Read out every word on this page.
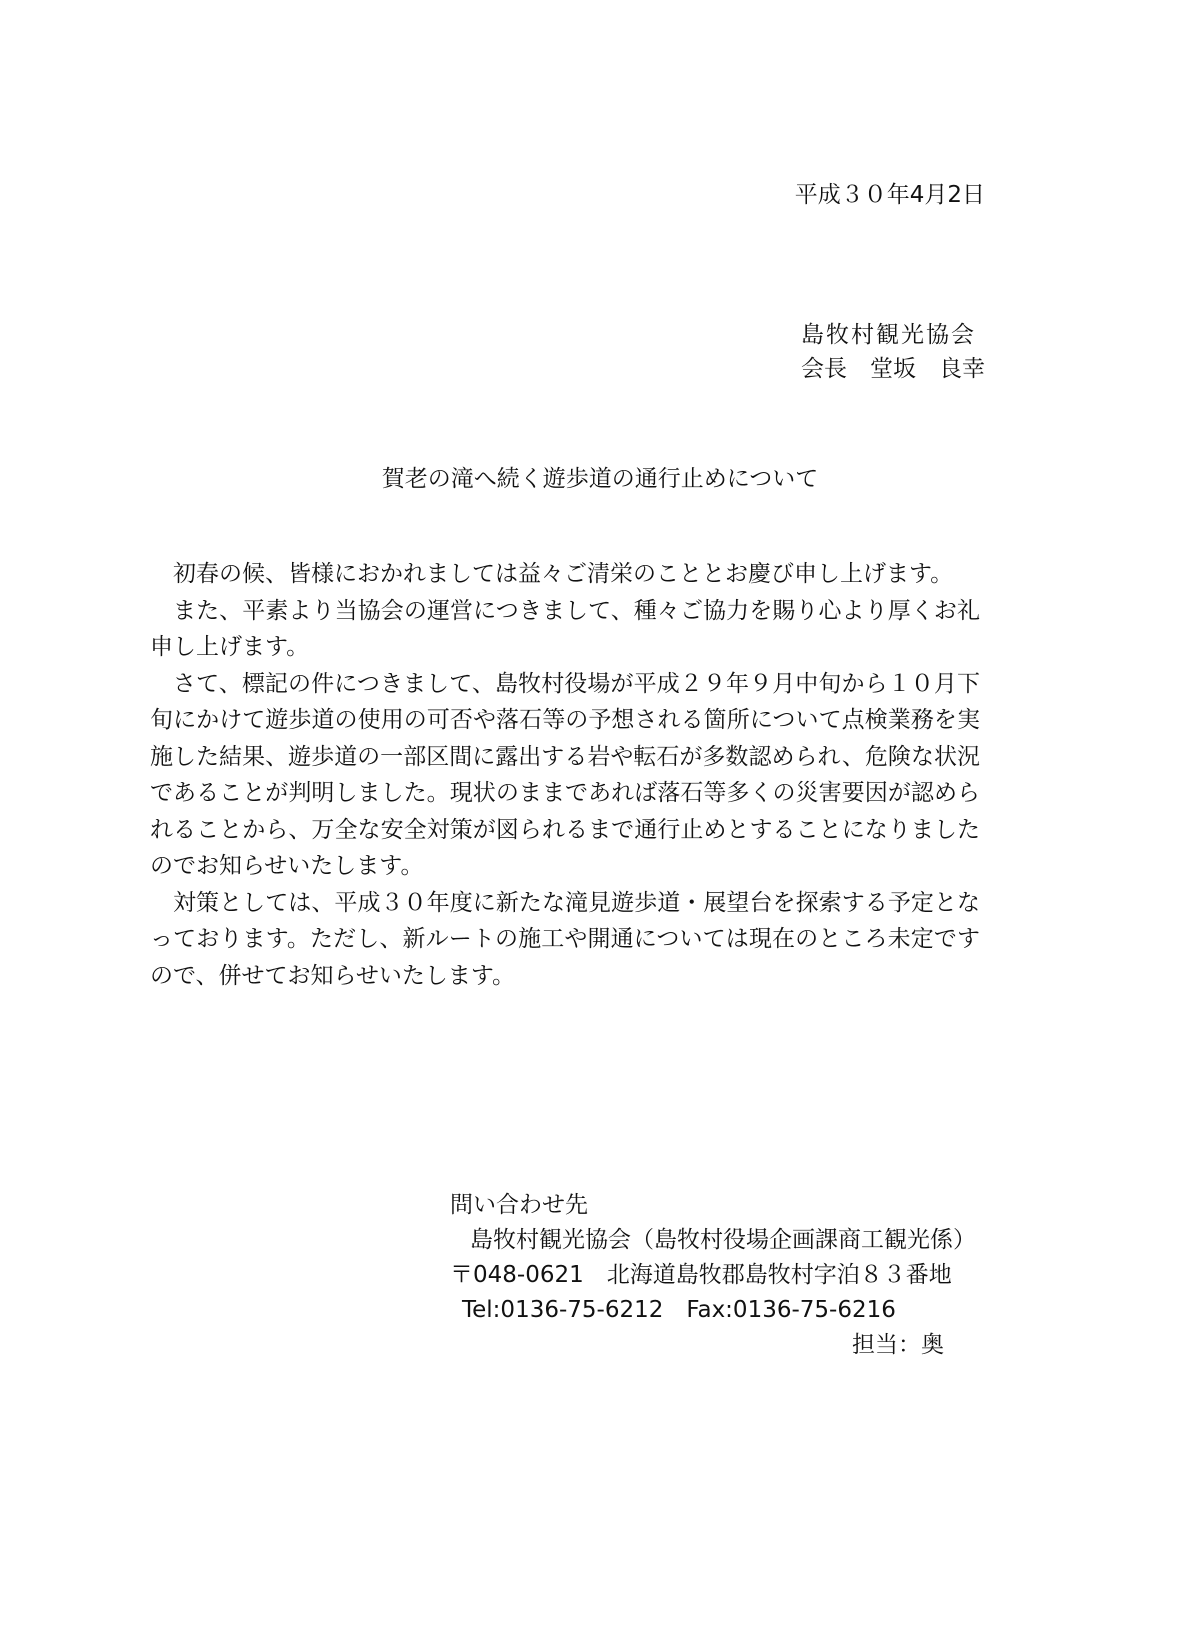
平成３０年4月2日
島牧村観光協会
会長　堂坂　良幸
賀老の滝へ続く遊歩道の通行止めについて

初春の候、皆様におかれましては益々ご清栄のこととお慶び申し上げます。

また、平素より当協会の運営につきまして、種々ご協力を賜り心より厚くお礼申し上げます。

さて、標記の件につきまして、島牧村役場が平成２９年９月中旬から１０月下旬にかけて遊歩道の使用の可否や落石等の予想される箇所について点検業務を実施した結果、遊歩道の一部区間に露出する岩や転石が多数認められ、危険な状況であることが判明しました。現状のままであれば落石等多くの災害要因が認められることから、万全な安全対策が図られるまで通行止めとすることになりましたのでお知らせいたします。

対策としては、平成３０年度に新たな滝見遊歩道・展望台を探索する予定となっております。ただし、新ルートの施工や開通については現在のところ未定ですので、併せてお知らせいたします。

問い合わせ先
島牧村観光協会（島牧村役場企画課商工観光係）
〒048-0621　北海道島牧郡島牧村字泊８３番地
Tel:0136-75-6212　Fax:0136-75-6216
担当：奥
